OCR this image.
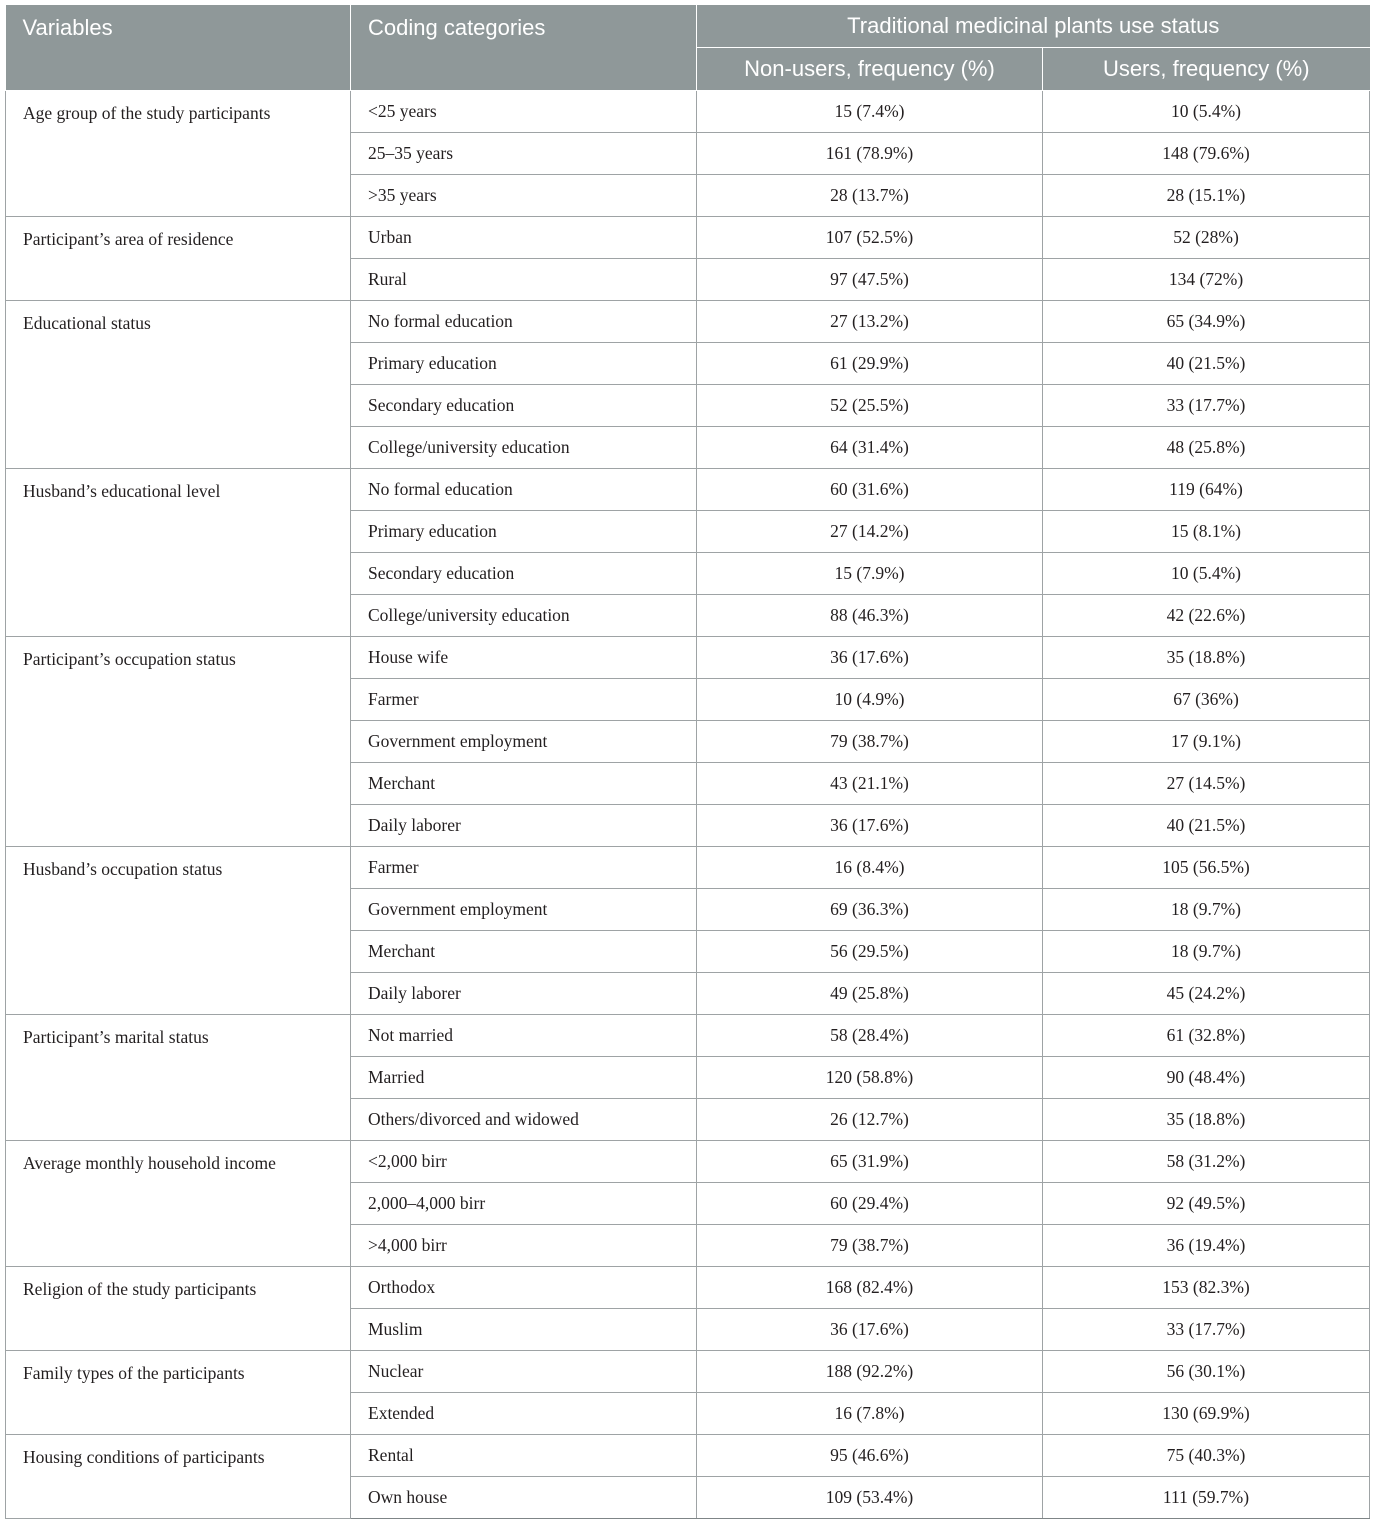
Variables	Coding categories	Traditional medicinal plants use status	
		Non-users, frequency (%)	Users, frequency (%)
Age group of the study participants	<25 years	15 (7.4%)	10 (5.4%)
	25–35 years	161 (78.9%)	148 (79.6%)
	>35 years	28 (13.7%)	28 (15.1%)
Participant’s area of residence	Urban	107 (52.5%)	52 (28%)
	Rural	97 (47.5%)	134 (72%)
Educational status	No formal education	27 (13.2%)	65 (34.9%)
	Primary education	61 (29.9%)	40 (21.5%)
	Secondary education	52 (25.5%)	33 (17.7%)
	College/university education	64 (31.4%)	48 (25.8%)
Husband’s educational level	No formal education	60 (31.6%)	119 (64%)
	Primary education	27 (14.2%)	15 (8.1%)
	Secondary education	15 (7.9%)	10 (5.4%)
	College/university education	88 (46.3%)	42 (22.6%)
Participant’s occupation status	House wife	36 (17.6%)	35 (18.8%)
	Farmer	10 (4.9%)	67 (36%)
	Government employment	79 (38.7%)	17 (9.1%)
	Merchant	43 (21.1%)	27 (14.5%)
	Daily laborer	36 (17.6%)	40 (21.5%)
Husband’s occupation status	Farmer	16 (8.4%)	105 (56.5%)
	Government employment	69 (36.3%)	18 (9.7%)
	Merchant	56 (29.5%)	18 (9.7%)
	Daily laborer	49 (25.8%)	45 (24.2%)
Participant’s marital status	Not married	58 (28.4%)	61 (32.8%)
	Married	120 (58.8%)	90 (48.4%)
	Others/divorced and widowed	26 (12.7%)	35 (18.8%)
Average monthly household income	<2,000 birr	65 (31.9%)	58 (31.2%)
	2,000–4,000 birr	60 (29.4%)	92 (49.5%)
	>4,000 birr	79 (38.7%)	36 (19.4%)
Religion of the study participants	Orthodox	168 (82.4%)	153 (82.3%)
	Muslim	36 (17.6%)	33 (17.7%)
Family types of the participants	Nuclear	188 (92.2%)	56 (30.1%)
	Extended	16 (7.8%)	130 (69.9%)
Housing conditions of participants	Rental	95 (46.6%)	75 (40.3%)
	Own house	109 (53.4%)	111 (59.7%)
